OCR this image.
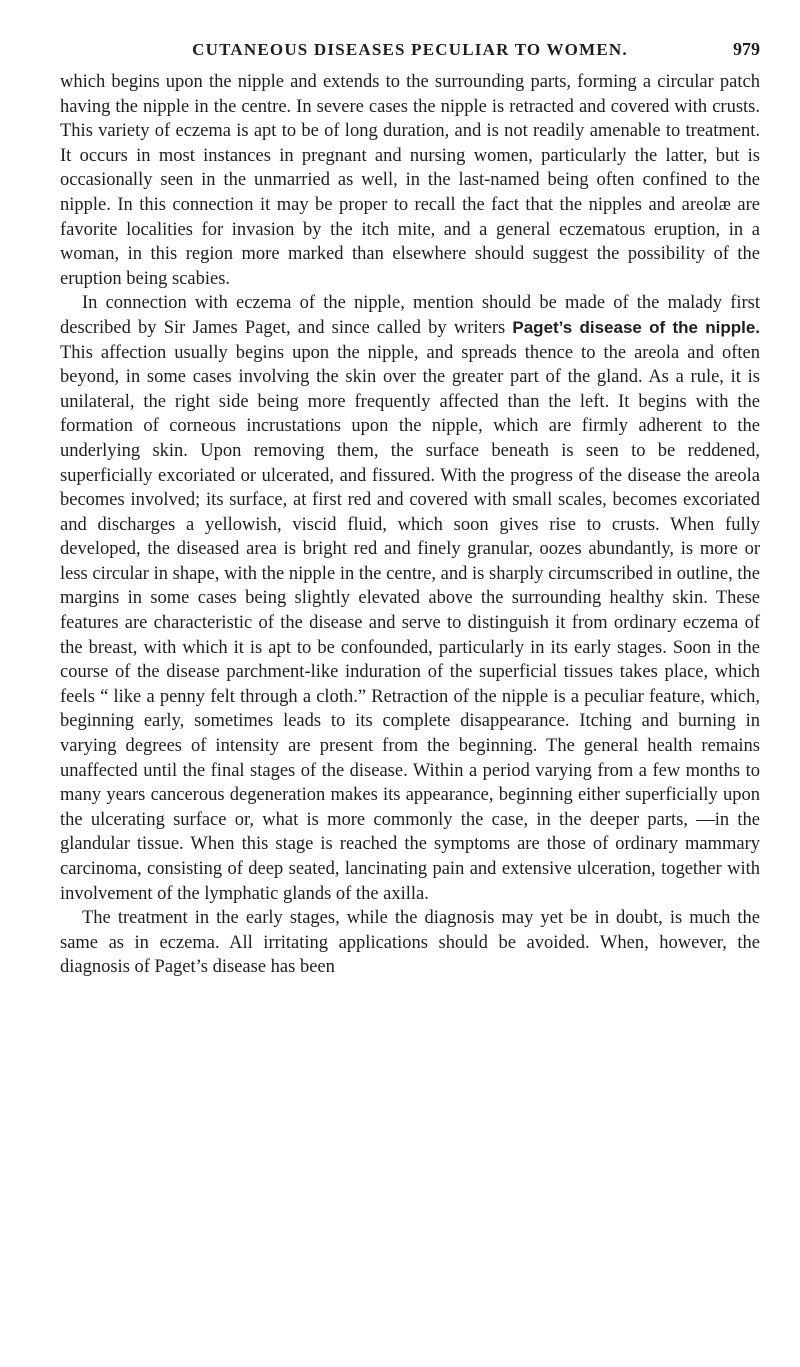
CUTANEOUS DISEASES PECULIAR TO WOMEN.	979

which begins upon the nipple and extends to the surrounding parts, forming a circular patch having the nipple in the centre. In severe cases the nipple is retracted and covered with crusts. This variety of eczema is apt to be of long duration, and is not readily amenable to treatment. It occurs in most instances in pregnant and nursing women, particularly the latter, but is occasionally seen in the unmarried as well, in the last-named being often confined to the nipple. In this connection it may be proper to recall the fact that the nipples and areolæ are favorite localities for invasion by the itch mite, and a general eczematous eruption, in a woman, in this region more marked than elsewhere should suggest the possibility of the eruption being scabies.

In connection with eczema of the nipple, mention should be made of the malady first described by Sir James Paget, and since called by writers Paget’s disease of the nipple. This affection usually begins upon the nipple, and spreads thence to the areola and often beyond, in some cases involving the skin over the greater part of the gland. As a rule, it is unilateral, the right side being more frequently affected than the left. It begins with the formation of corneous incrustations upon the nipple, which are firmly adherent to the underlying skin. Upon removing them, the surface beneath is seen to be reddened, superficially excoriated or ulcerated, and fissured. With the progress of the disease the areola becomes involved; its surface, at first red and covered with small scales, becomes excoriated and discharges a yellowish, viscid fluid, which soon gives rise to crusts. When fully developed, the diseased area is bright red and finely granular, oozes abundantly, is more or less circular in shape, with the nipple in the centre, and is sharply circumscribed in outline, the margins in some cases being slightly elevated above the surrounding healthy skin. These features are characteristic of the disease and serve to distinguish it from ordinary eczema of the breast, with which it is apt to be confounded, particularly in its early stages. Soon in the course of the disease parchment-like induration of the superficial tissues takes place, which feels “ like a penny felt through a cloth.” Retraction of the nipple is a peculiar feature, which, beginning early, sometimes leads to its complete disappearance. Itching and burning in varying degrees of intensity are present from the beginning. The general health remains unaffected until the final stages of the disease. Within a period varying from a few months to many years cancerous degeneration makes its appearance, beginning either superficially upon the ulcerating surface or, what is more commonly the case, in the deeper parts, —in the glandular tissue. When this stage is reached the symptoms are those of ordinary mammary carcinoma, consisting of deep seated, lancinating pain and extensive ulceration, together with involvement of the lymphatic glands of the axilla.

The treatment in the early stages, while the diagnosis may yet be in doubt, is much the same as in eczema. All irritating applications should be avoided. When, however, the diagnosis of Paget’s disease has been
